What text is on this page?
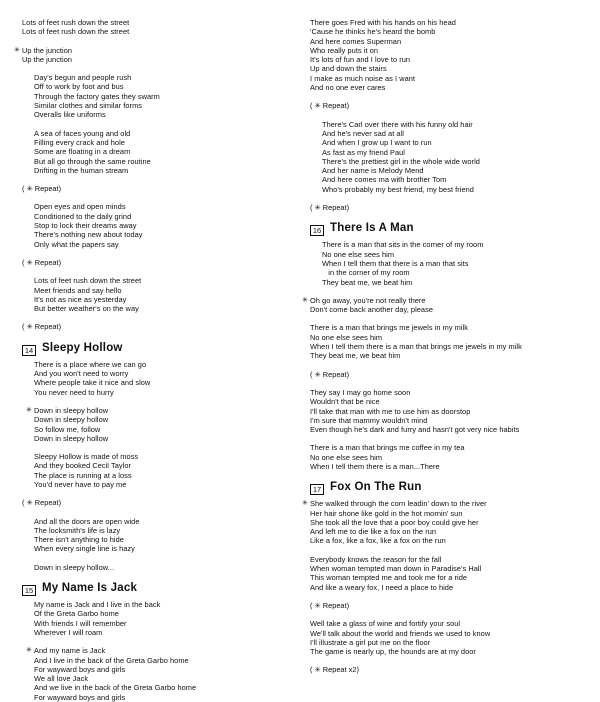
Lots of feet rush down the street
Lots of feet rush down the street
✳ Up the junction
Up the junction
Day's begun and people rush
Off to work by foot and bus
Through the factory gates they swarm
Similar clothes and similar forms
Overalls like uniforms
A sea of faces young and old
Filling every crack and hole
Some are floating in a dream
But all go through the same routine
Drifting in the human stream
( ✳ Repeat)
Open eyes and open minds
Conditioned to the daily grind
Stop to lock their dreams away
There's nothing new about today
Only what the papers say
( ✳ Repeat)
Lots of feet rush down the street
Meet friends and say hello
It's not as nice as yesterday
But better weather's on the way
( ✳ Repeat)
14 Sleepy Hollow
There is a place where we can go
And you won't need to worry
Where people take it nice and slow
You never need to hurry
✳ Down in sleepy hollow
Down in sleepy hollow
So follow me, follow
Down in sleepy hollow
Sleepy Hollow is made of moss
And they booked Cecil Taylor
The place is running at a loss
You'd never have to pay me
( ✳ Repeat)
And all the doors are open wide
The locksmith's life is lazy
There isn't anything to hide
When every single line is hazy
Down in sleepy hollow...
15 My Name Is Jack
My name is Jack and I live in the back
Of the Greta Garbo home
With friends I will remember
Wherever I will roam
✳ And my name is Jack
And I live in the back of the Greta Garbo home
For wayward boys and girls
We all love Jack
And we live in the back of the Greta Garbo home
For wayward boys and girls
There goes Fred with his hands on his head
'Cause he thinks he's heard the bomb
And here comes Superman
Who really puts it on
It's lots of fun and I love to run
Up and down the stairs
I make as much noise as I want
And no one ever cares
( ✳ Repeat)
There's Carl over there with his funny old hair
And he's never sad at all
And when I grow up I want to run
As fast as my friend Paul
There's the prettiest girl in the whole wide world
And her name is Melody Mend
And here comes ma with brother Tom
Who's probably my best friend, my best friend
( ✳ Repeat)
16 There Is A Man
There is a man that sits in the corner of my room
No one else sees him
When I tell them that there is a man that sits
in the corner of my room
They beat me, we beat him
✳ Oh go away, you're not really there
Don't come back another day, please
There is a man that brings me jewels in my milk
No one else sees him
When I tell them there is a man that brings me jewels in my milk
They beat me, we beat him
( ✳ Repeat)
They say I may go home soon
Wouldn't that be nice
I'll take that man with me to use him as doorstop
I'm sure that mammy wouldn't mind
Even though he's dark and furry and hasn't got very nice habits
There is a man that brings me coffee in my tea
No one else sees him
When I tell them there is a man...There
17 Fox On The Run
✳ She walked through the corn leadin' down to the river
Her hair shone like gold in the hot mornin' sun
She took all the love that a poor boy could give her
And left me to die like a fox on the run
Like a fox, like a fox, like a fox on the run
Everybody knows the reason for the fall
When woman tempted man down in Paradise's Hall
This woman tempted me and took me for a ride
And like a weary fox, I need a place to hide
( ✳ Repeat)
Well take a glass of wine and fortify your soul
We'll talk about the world and friends we used to know
I'll illustrate a girl put me on the floor
The game is nearly up, the hounds are at my door
( ✳ Repeat x2)
